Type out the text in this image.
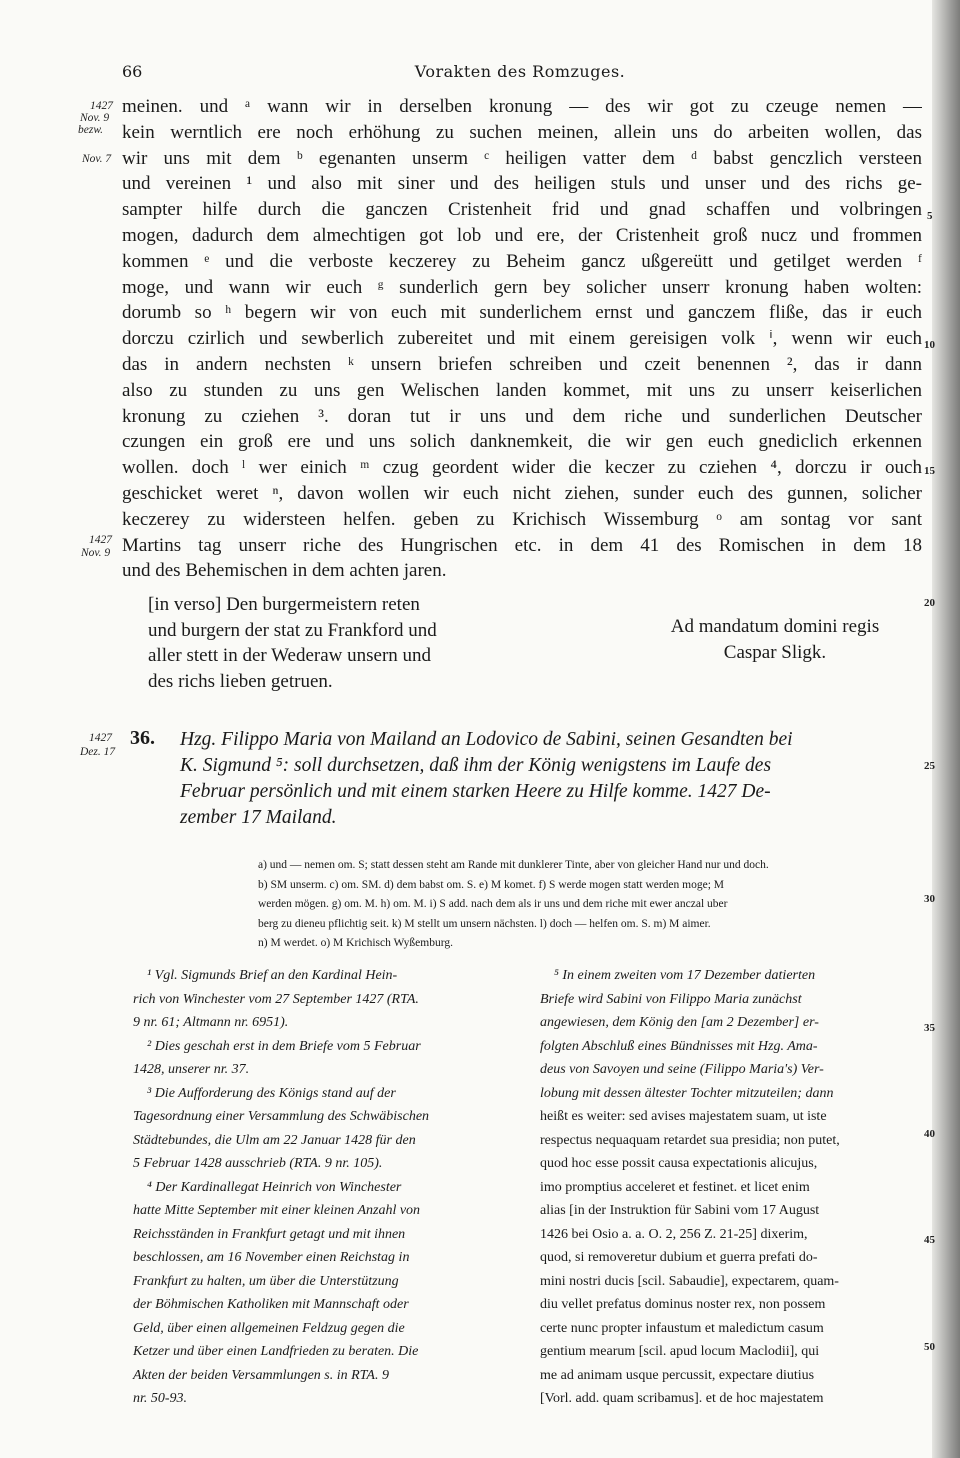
66	Vorakten des Romzuges.
1427
Nov. 9
bezw.
Nov. 7
1427
Nov. 9
1427
Dez. 17
5
10
15
20
25
30
35
40
45
50
meinen. und ᵃ wann wir in derselben kronung — des wir got zu czeuge nemen —
kein werntlich ere noch erhöhung zu suchen meinen, allein uns do arbeiten wollen, das
wir uns mit dem ᵇ egenanten unserm ᶜ heiligen vatter dem ᵈ babst genczlich versteen
und vereinen ¹ und also mit siner und des heiligen stuls und unser und des richs ge-
sampter hilfe durch die ganczen Cristenheit frid und gnad schaffen und volbringen
mogen, dadurch dem almechtigen got lob und ere, der Cristenheit groß nucz und frommen
kommen ᵉ und die verboste keczerey zu Beheim gancz ußgereütt und getilget werden ᶠ
moge, und wann wir euch ᵍ sunderlich gern bey solicher unserr kronung haben wolten:
dorumb so ʰ begern wir von euch mit sunderlichem ernst und ganczem fliße, das ir euch
dorczu czirlich und sewberlich zubereitet und mit einem gereisigen volk ⁱ, wenn wir euch
das in andern nechsten ᵏ unsern briefen schreiben und czeit benennen ², das ir dann
also zu stunden zu uns gen Welischen landen kommet, mit uns zu unserr keiserlichen
kronung zu cziehen ³. doran tut ir uns und dem riche und sunderlichen Deutscher
czungen ein groß ere und uns solich danknemkeit, die wir gen euch gnediclich erkennen
wollen. doch ˡ wer einich ᵐ czug geordent wider die keczer zu cziehen ⁴, dorczu ir ouch
geschicket weret ⁿ, davon wollen wir euch nicht ziehen, sunder euch des gunnen, solicher
keczerey zu widersteen helfen. geben zu Krichisch Wissemburg ᵒ am sontag vor sant
Martins tag unserr riche des Hungrischen etc. in dem 41 des Romischen in dem 18
und des Behemischen in dem achten jaren.
[in verso] Den burgermeistern reten
und burgern der stat zu Frankford und
aller stett in der Wederaw unsern und
des richs lieben getruen.
Ad mandatum domini regis
Caspar Sligk.
36. Hzg. Filippo Maria von Mailand an Lodovico de Sabini, seinen Gesandten bei
K. Sigmund ⁵: soll durchsetzen, daß ihm der König wenigstens im Laufe des
Februar persönlich und mit einem starken Heere zu Hilfe komme. 1427 De-
zember 17 Mailand.
a) und — nemen om. S; statt dessen steht am Rande mit dunklerer Tinte, aber von gleicher Hand nur und doch.
b) SM unserm. c) om. SM. d) dem babst om. S. e) M komet. f) S werde mogen statt werden moge; M
werden mögen. g) om. M. h) om. M. i) S add. nach dem als ir uns und dem riche mit ewer anczal uber
berg zu dieneu pflichtig seit. k) M stellt um unsern nächsten. l) doch — helfen om. S. m) M aimer.
n) M werdet. o) M Krichisch Wyßemburg.
¹ Vgl. Sigmunds Brief an den Kardinal Hein-
rich von Winchester vom 27 September 1427 (RTA.
9 nr. 61; Altmann nr. 6951).
² Dies geschah erst in dem Briefe vom 5 Februar
1428, unserer nr. 37.
³ Die Aufforderung des Königs stand auf der
Tagesordnung einer Versammlung des Schwäbischen
Städtebundes, die Ulm am 22 Januar 1428 für den
5 Februar 1428 ausschrieb (RTA. 9 nr. 105).
⁴ Der Kardinallegat Heinrich von Winchester
hatte Mitte September mit einer kleinen Anzahl von
Reichsständen in Frankfurt getagt und mit ihnen
beschlossen, am 16 November einen Reichstag in
Frankfurt zu halten, um über die Unterstützung
der Böhmischen Katholiken mit Mannschaft oder
Geld, über einen allgemeinen Feldzug gegen die
Ketzer und über einen Landfrieden zu beraten. Die
Akten der beiden Versammlungen s. in RTA. 9
nr. 50-93.
⁵ In einem zweiten vom 17 Dezember datierten
Briefe wird Sabini von Filippo Maria zunächst
angewiesen, dem König den [am 2 Dezember] er-
folgten Abschluß eines Bündnisses mit Hzg. Ama-
deus von Savoyen und seine (Filippo Maria's) Ver-
lobung mit dessen ältester Tochter mitzuteilen; dann
heißt es weiter: sed avises majestatem suam, ut iste
respectus nequaquam retardet sua presidia; non putet,
quod hoc esse possit causa expectationis alicujus,
imo promptius acceleret et festinet. et licet enim
alias [in der Instruktion für Sabini vom 17 August
1426 bei Osio a. a. O. 2, 256 Z. 21-25] dixerim,
quod, si removeretur dubium et guerra prefati do-
mini nostri ducis [scil. Sabaudie], expectarem, quam-
diu vellet prefatus dominus noster rex, non possem
certe nunc propter infaustum et maledictum casum
gentium mearum [scil. apud locum Maclodii], qui
me ad animam usque percussit, expectare diutius
[Vorl. add. quam scribamus]. et de hoc majestatem
